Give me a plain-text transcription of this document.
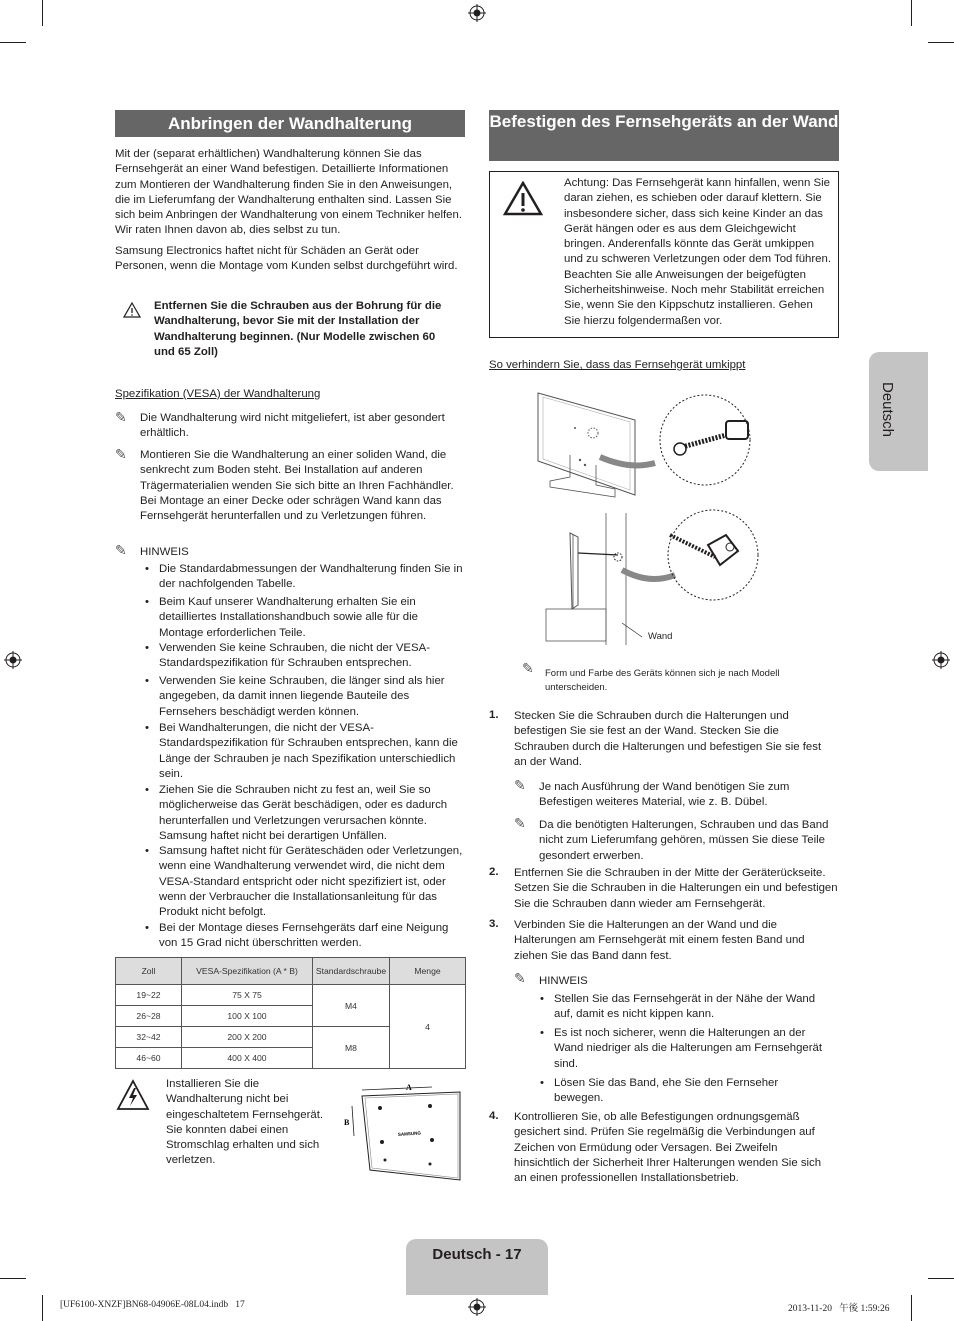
Anbringen der Wandhalterung
Mit der (separat erhältlichen) Wandhalterung können Sie das Fernsehgerät an einer Wand befestigen. Detaillierte Informationen zum Montieren der Wandhalterung finden Sie in den Anweisungen, die im Lieferumfang der Wandhalterung enthalten sind. Lassen Sie sich beim Anbringen der Wandhalterung von einem Techniker helfen. Wir raten Ihnen davon ab, dies selbst zu tun.
Samsung Electronics haftet nicht für Schäden an Gerät oder Personen, wenn die Montage vom Kunden selbst durchgeführt wird.
Entfernen Sie die Schrauben aus der Bohrung für die Wandhalterung, bevor Sie mit der Installation der Wandhalterung beginnen. (Nur Modelle zwischen 60 und 65 Zoll)
Spezifikation (VESA) der Wandhalterung
✎	Die Wandhalterung wird nicht mitgeliefert, ist aber gesondert erhältlich.
✎	Montieren Sie die Wandhalterung an einer soliden Wand, die senkrecht zum Boden steht. Bei Installation auf anderen Trägermaterialien wenden Sie sich bitte an Ihren Fachhändler. Bei Montage an einer Decke oder schrägen Wand kann das Fernsehgerät herunterfallen und zu Verletzungen führen.
✎	HINWEIS
• Die Standardabmessungen der Wandhalterung finden Sie in der nachfolgenden Tabelle.
• Beim Kauf unserer Wandhalterung erhalten Sie ein detailliertes Installationshandbuch sowie alle für die Montage erforderlichen Teile.
• Verwenden Sie keine Schrauben, die nicht der VESA-Standardspezifikation für Schrauben entsprechen.
• Verwenden Sie keine Schrauben, die länger sind als hier angegeben, da damit innen liegende Bauteile des Fernsehers beschädigt werden können.
• Bei Wandhalterungen, die nicht der VESA-Standardspezifikation für Schrauben entsprechen, kann die Länge der Schrauben je nach Spezifikation unterschiedlich sein.
• Ziehen Sie die Schrauben nicht zu fest an, weil Sie so möglicherweise das Gerät beschädigen, oder es dadurch herunterfallen und Verletzungen verursachen könnte. Samsung haftet nicht bei derartigen Unfällen.
• Samsung haftet nicht für Geräteschäden oder Verletzungen, wenn eine Wandhalterung verwendet wird, die nicht dem VESA-Standard entspricht oder nicht spezifiziert ist, oder wenn der Verbraucher die Installationsanleitung für das Produkt nicht befolgt.
• Bei der Montage dieses Fernsehgeräts darf eine Neigung von 15 Grad nicht überschritten werden.
Zoll	VESA-Spezifikation (A * B)	Standardschraube	Menge
19~22	75 X 75	M4	4
26~28	100 X 100		
32~42	200 X 200	M8	
46~60	400 X 400		
Installieren Sie die Wandhalterung nicht bei eingeschaltetem Fernsehgerät. Sie konnten dabei einen Stromschlag erhalten und sich verletzen.
A
B
SAMSUNG
Befestigen des Fernsehgeräts an der Wand
Achtung: Das Fernsehgerät kann hinfallen, wenn Sie daran ziehen, es schieben oder darauf klettern. Sie insbesondere sicher, dass sich keine Kinder an das Gerät hängen oder es aus dem Gleichgewicht bringen. Anderenfalls könnte das Gerät umkippen und zu schweren Verletzungen oder dem Tod führen. Beachten Sie alle Anweisungen der beigefügten Sicherheitshinweise. Noch mehr Stabilität erreichen Sie, wenn Sie den Kippschutz installieren. Gehen Sie hierzu folgendermaßen vor.
So verhindern Sie, dass das Fernsehgerät umkippt
Wand
✎	Form und Farbe des Geräts können sich je nach Modell unterscheiden.
1. Stecken Sie die Schrauben durch die Halterungen und befestigen Sie sie fest an der Wand. Stecken Sie die Schrauben durch die Halterungen und befestigen Sie sie fest an der Wand.
✎	Je nach Ausführung der Wand benötigen Sie zum Befestigen weiteres Material, wie z. B. Dübel.
✎	Da die benötigten Halterungen, Schrauben und das Band nicht zum Lieferumfang gehören, müssen Sie diese Teile gesondert erwerben.
2. Entfernen Sie die Schrauben in der Mitte der Geräterückseite. Setzen Sie die Schrauben in die Halterungen ein und befestigen Sie die Schrauben dann wieder am Fernsehgerät.
3. Verbinden Sie die Halterungen an der Wand und die Halterungen am Fernsehgerät mit einem festen Band und ziehen Sie das Band dann fest.
✎	HINWEIS
• Stellen Sie das Fernsehgerät in der Nähe der Wand auf, damit es nicht kippen kann.
• Es ist noch sicherer, wenn die Halterungen an der Wand niedriger als die Halterungen am Fernsehgerät sind.
• Lösen Sie das Band, ehe Sie den Fernseher bewegen.
4. Kontrollieren Sie, ob alle Befestigungen ordnungsgemäß gesichert sind. Prüfen Sie regelmäßig die Verbindungen auf Zeichen von Ermüdung oder Versagen. Bei Zweifeln hinsichtlich der Sicherheit Ihrer Halterungen wenden Sie sich an einen professionellen Installationsbetrieb.
Deutsch
Deutsch - 17
[UF6100-XNZF]BN68-04906E-08L04.indb   17	2013-11-20   午後 1:59:26
